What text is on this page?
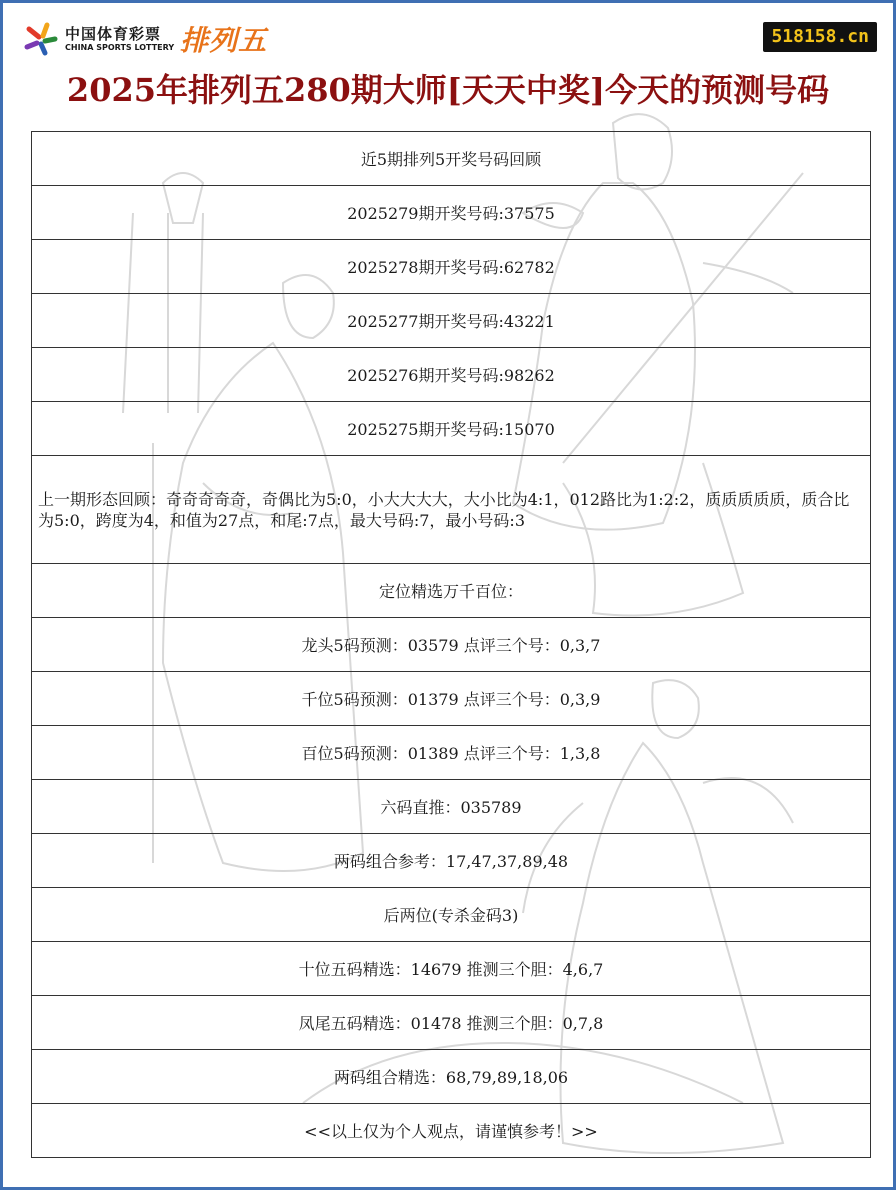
中国体育彩票
CHINA SPORTS LOTTERY 排列五	518158.cn
2025年排列五280期大师[天天中奖]今天的预测号码
近5期排列5开奖号码回顾
2025279期开奖号码:37575
2025278期开奖号码:62782
2025277期开奖号码:43221
2025276期开奖号码:98262
2025275期开奖号码:15070
上一期形态回顾：奇奇奇奇奇，奇偶比为5:0，小大大大大，大小比为4:1，012路比为1:2:2，质质质质质，质合比为5:0，跨度为4，和值为27点，和尾:7点，最大号码:7，最小号码:3
定位精选万千百位：
龙头5码预测：03579 点评三个号：0,3,7
千位5码预测：01379 点评三个号：0,3,9
百位5码预测：01389 点评三个号：1,3,8
六码直推：035789
两码组合参考：17,47,37,89,48
后两位(专杀金码3)
十位五码精选：14679 推测三个胆：4,6,7
凤尾五码精选：01478 推测三个胆：0,7,8
两码组合精选：68,79,89,18,06
<<以上仅为个人观点，请谨慎参考！>>
